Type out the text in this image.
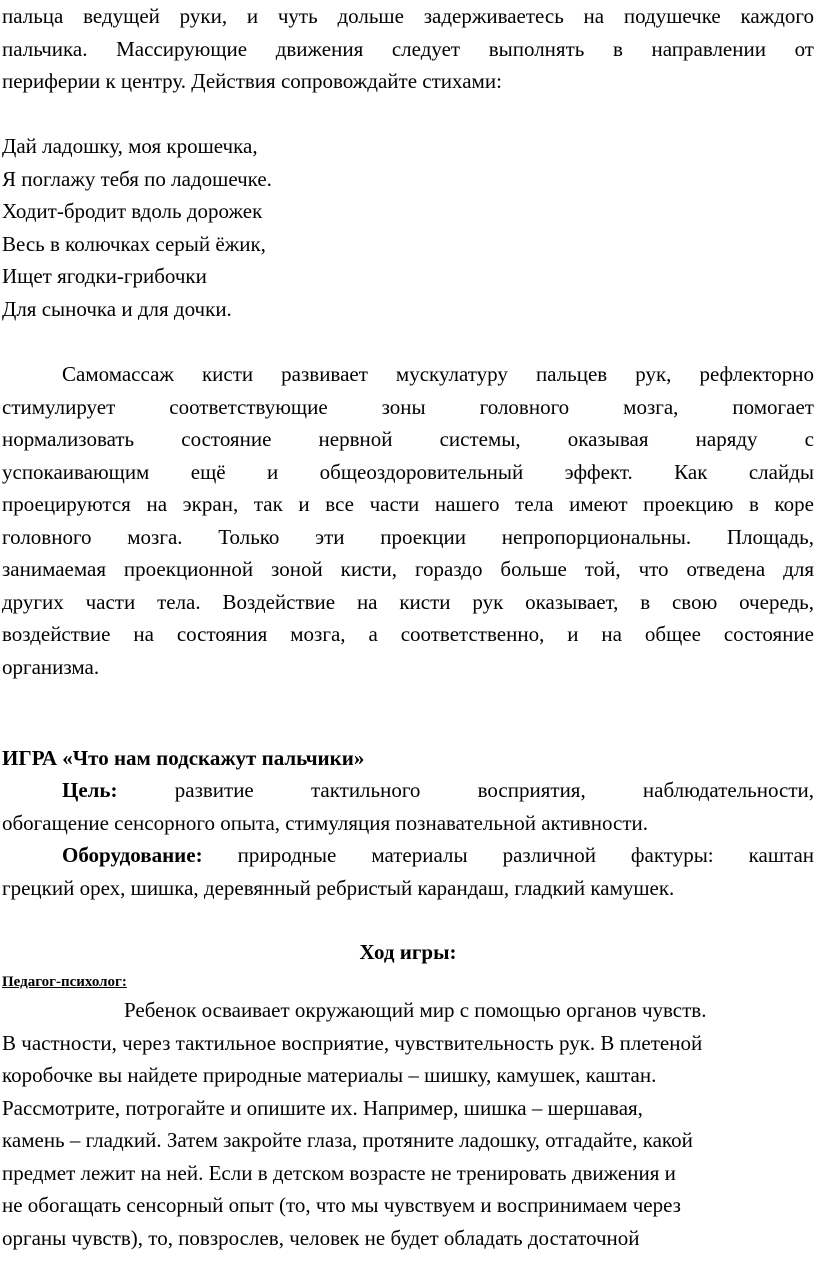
пальца ведущей руки, и чуть дольше задерживаетесь на подушечке каждого
пальчика. Массирующие движения следует выполнять в направлении от
периферии к центру. Действия сопровождайте стихами:
Дай ладошку, моя крошечка,
Я поглажу тебя по ладошечке.
Ходит-бродит вдоль дорожек
Весь в колючках серый ёжик,
Ищет ягодки-грибочки
Для сыночка и для дочки.
Самомассаж кисти развивает мускулатуру пальцев рук, рефлекторно
стимулирует соответствующие зоны головного мозга, помогает
нормализовать состояние нервной системы, оказывая наряду с
успокаивающим ещё и общеоздоровительный эффект. Как слайды
проецируются на экран, так и все части нашего тела имеют проекцию в коре
головного мозга. Только эти проекции непропорциональны. Площадь,
занимаемая проекционной зоной кисти, гораздо больше той, что отведена для
других части тела. Воздействие на кисти рук оказывает, в свою очередь,
воздействие на состояния мозга, а соответственно, и на общее состояние
организма.
ИГРА «Что нам подскажут пальчики»
Цель:	развитие тактильного восприятия, наблюдательности,
обогащение сенсорного опыта, стимуляция познавательной активности.
Оборудование: природные материалы различной фактуры: каштан
грецкий орех, шишка, деревянный ребристый карандаш, гладкий камушек.
Ход игры:
Педагог-психолог:
Ребенок осваивает окружающий мир с помощью органов чувств.
В частности, через тактильное восприятие, чувствительность рук. В плетеной
коробочке вы найдете природные материалы – шишку, камушек, каштан.
Рассмотрите, потрогайте и опишите их. Например, шишка – шершавая,
камень – гладкий. Затем закройте глаза, протяните ладошку, отгадайте, какой
предмет лежит на ней. Если в детском возрасте не тренировать движения и
не обогащать сенсорный опыт (то, что мы чувствуем и воспринимаем через
органы чувств), то, повзрослев, человек не будет обладать достаточной
